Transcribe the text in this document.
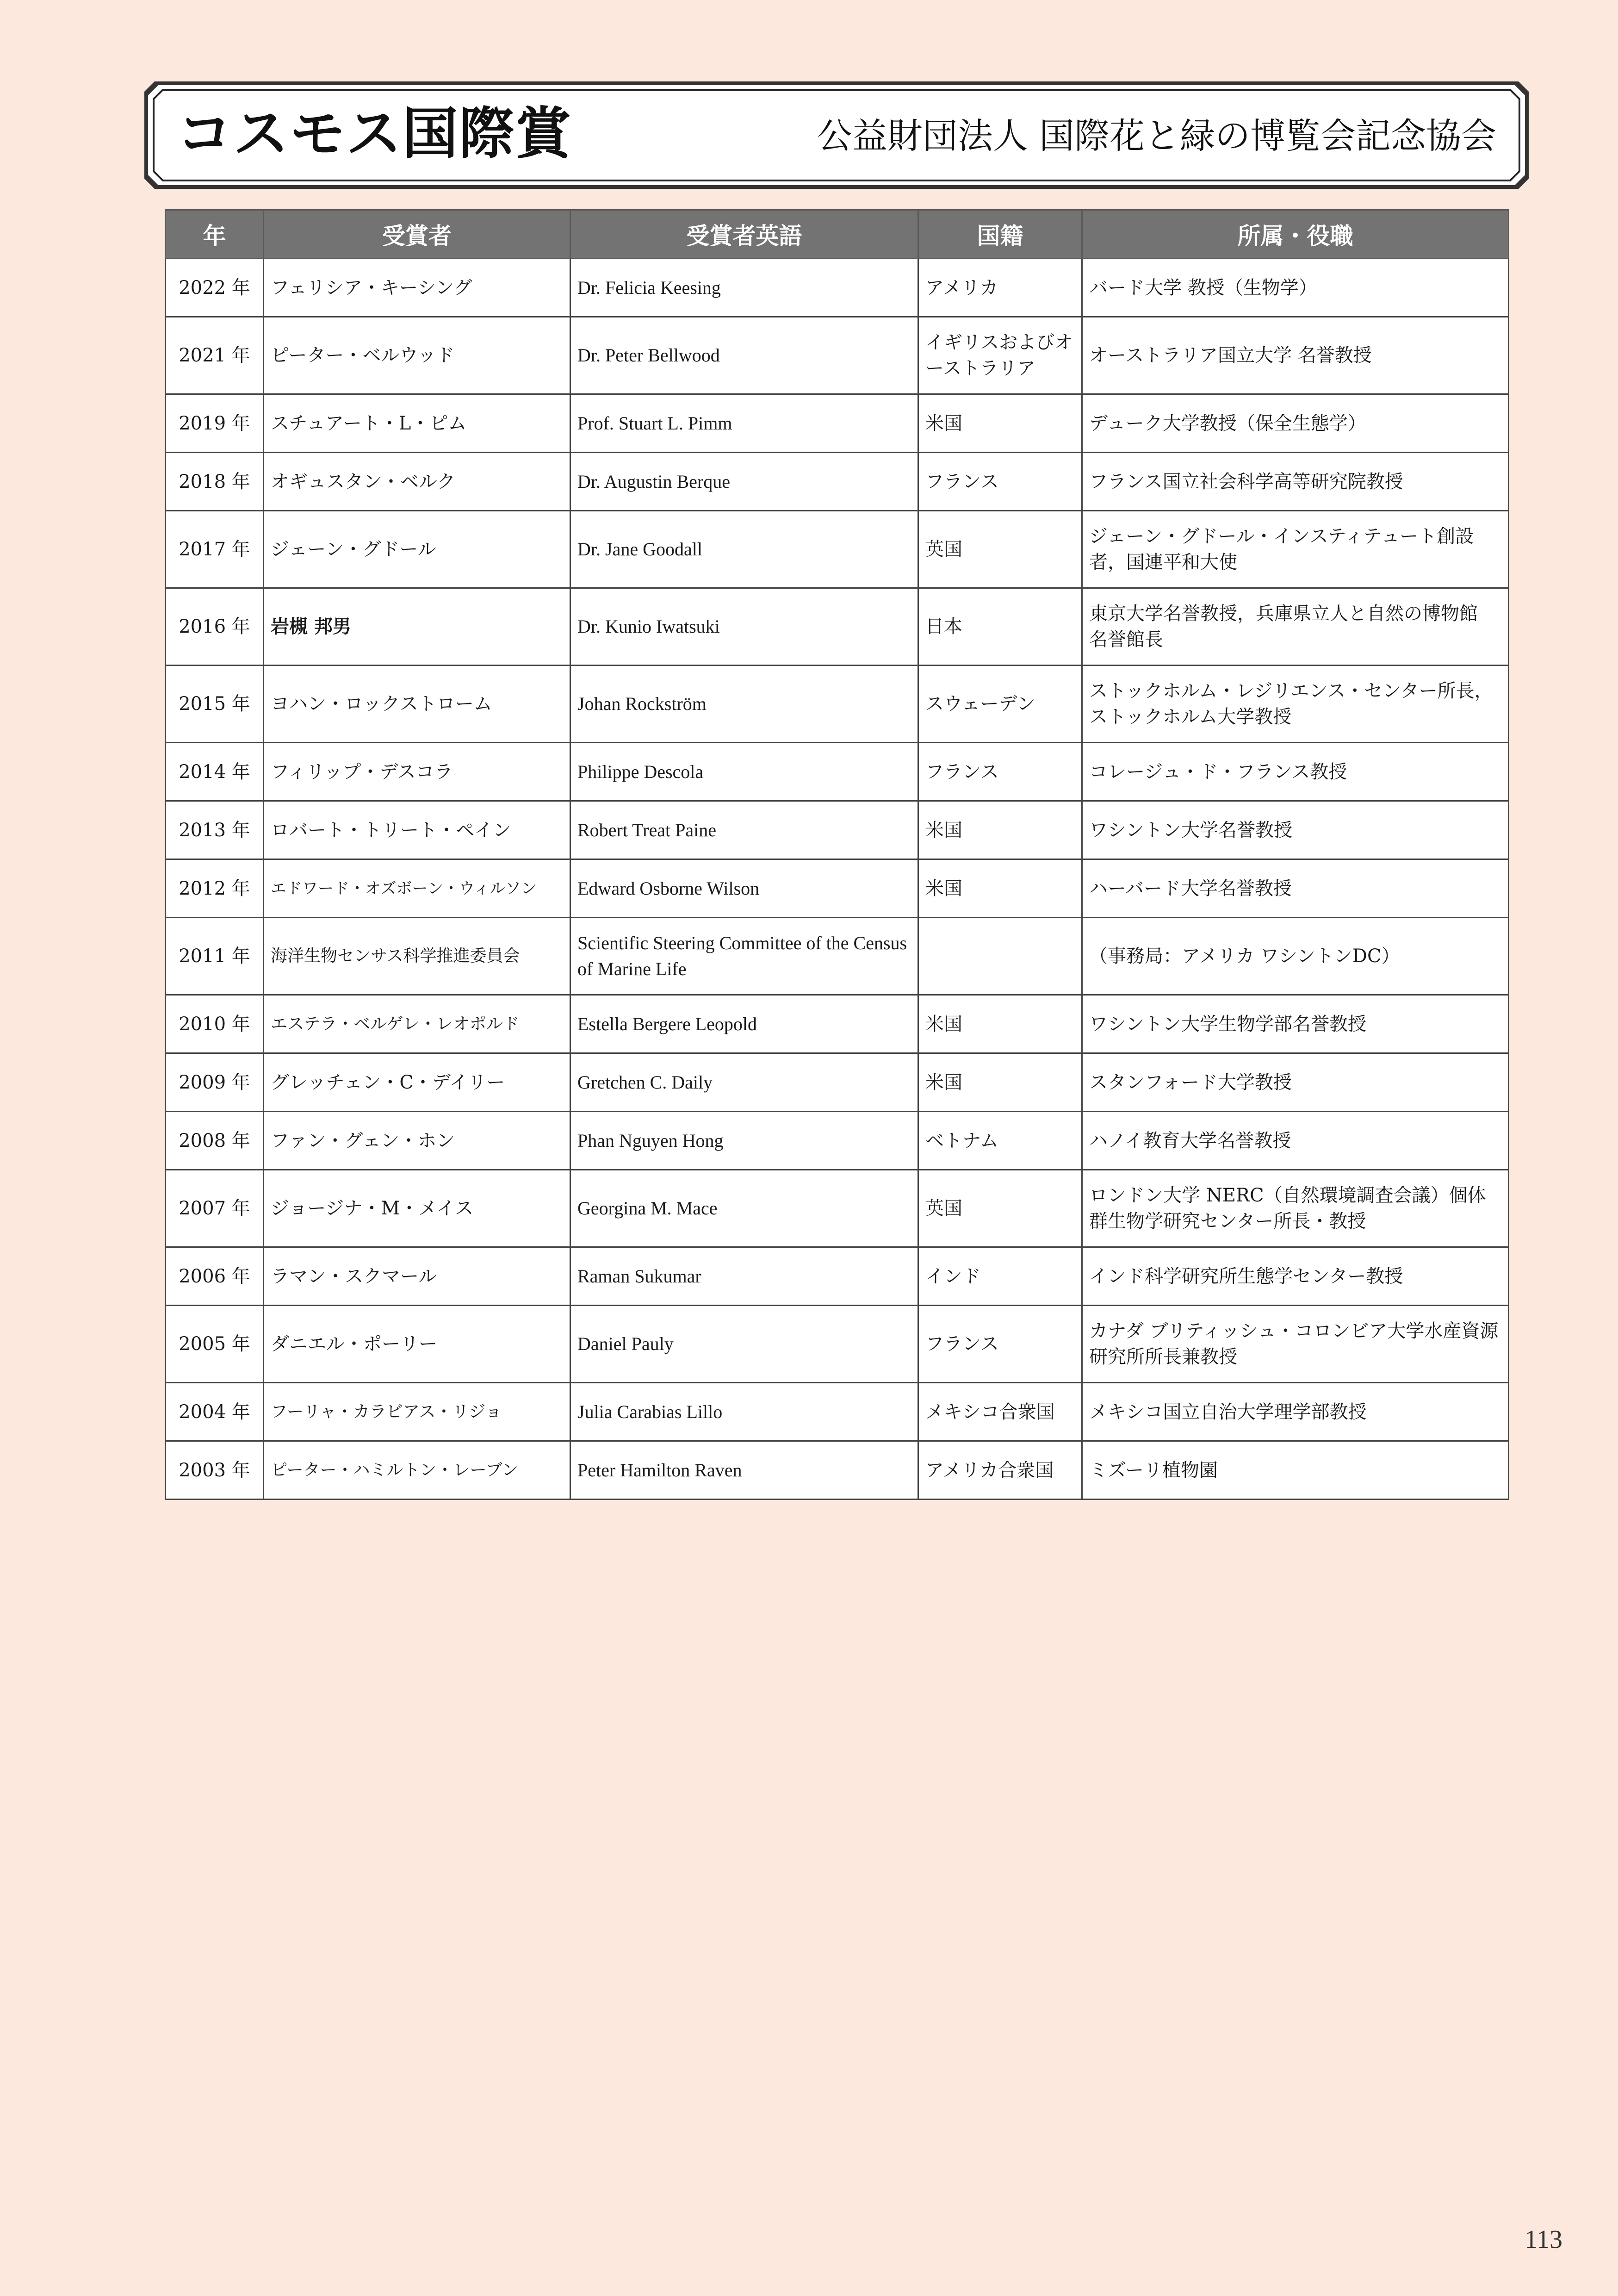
コスモス国際賞	公益財団法人 国際花と緑の博覧会記念協会
年	受賞者	受賞者英語	国籍	所属・役職
2022 年	フェリシア・キーシング	Dr. Felicia Keesing	アメリカ	バード大学 教授（生物学）
2021 年	ピーター・ベルウッド	Dr. Peter Bellwood	イギリスおよびオーストラリア	オーストラリア国立大学 名誉教授
2019 年	スチュアート・L・ピム	Prof. Stuart L. Pimm	米国	デューク大学教授（保全生態学）
2018 年	オギュスタン・ベルク	Dr. Augustin Berque	フランス	フランス国立社会科学高等研究院教授
2017 年	ジェーン・グドール	Dr. Jane Goodall	英国	ジェーン・グドール・インスティテュート創設者，国連平和大使
2016 年	岩槻 邦男	Dr. Kunio Iwatsuki	日本	東京大学名誉教授，兵庫県立人と自然の博物館 名誉館長
2015 年	ヨハン・ロックストローム	Johan Rockström	スウェーデン	ストックホルム・レジリエンス・センター所長，ストックホルム大学教授
2014 年	フィリップ・デスコラ	Philippe Descola	フランス	コレージュ・ド・フランス教授
2013 年	ロバート・トリート・ペイン	Robert Treat Paine	米国	ワシントン大学名誉教授
2012 年	エドワード・オズボーン・ウィルソン	Edward Osborne Wilson	米国	ハーバード大学名誉教授
2011 年	海洋生物センサス科学推進委員会	Scientific Steering Committee of the Census of Marine Life		（事務局：アメリカ ワシントンDC）
2010 年	エステラ・ベルゲレ・レオポルド	Estella Bergere Leopold	米国	ワシントン大学生物学部名誉教授
2009 年	グレッチェン・C・デイリー	Gretchen C. Daily	米国	スタンフォード大学教授
2008 年	ファン・グェン・ホン	Phan Nguyen Hong	ベトナム	ハノイ教育大学名誉教授
2007 年	ジョージナ・M・メイス	Georgina M. Mace	英国	ロンドン大学 NERC（自然環境調査会議）個体群生物学研究センター所長・教授
2006 年	ラマン・スクマール	Raman Sukumar	インド	インド科学研究所生態学センター教授
2005 年	ダニエル・ポーリー	Daniel Pauly	フランス	カナダ ブリティッシュ・コロンビア大学水産資源研究所所長兼教授
2004 年	フーリャ・カラビアス・リジョ	Julia Carabias Lillo	メキシコ合衆国	メキシコ国立自治大学理学部教授
2003 年	ピーター・ハミルトン・レーブン	Peter Hamilton Raven	アメリカ合衆国	ミズーリ植物園
113
